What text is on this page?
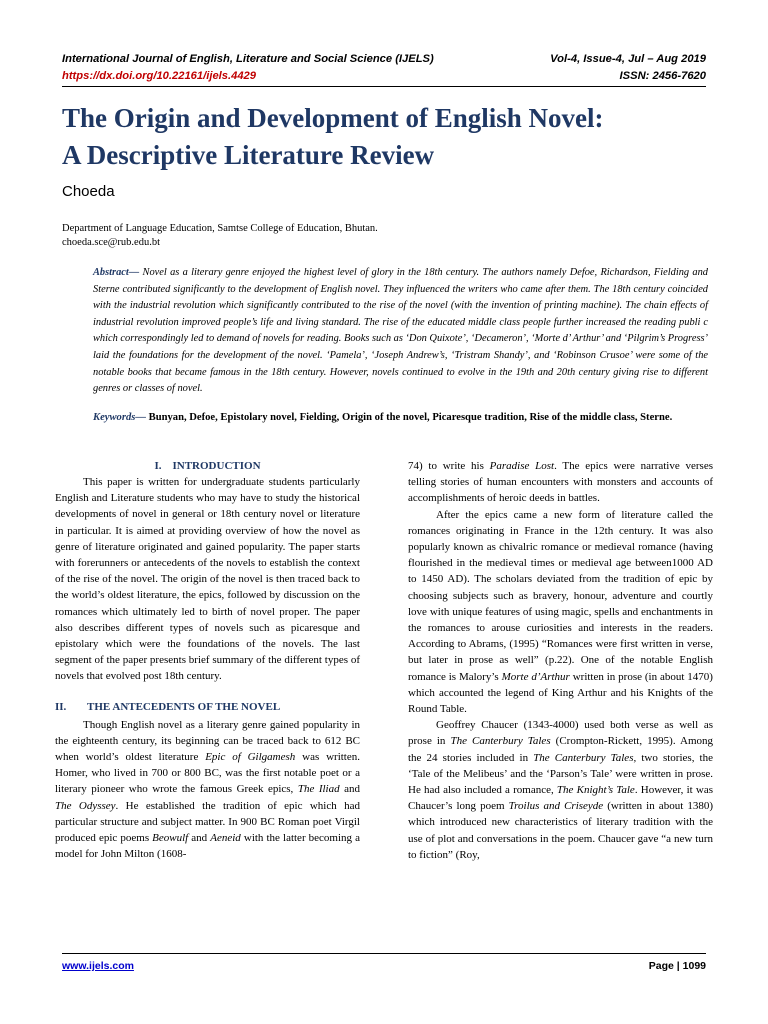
International Journal of English, Literature and Social Science (IJELS)	Vol-4, Issue-4, Jul – Aug 2019
https://dx.doi.org/10.22161/ijels.4429	ISSN: 2456-7620
The Origin and Development of English Novel:
A Descriptive Literature Review
Choeda
Department of Language Education, Samtse College of Education, Bhutan.
choeda.sce@rub.edu.bt
Abstract— Novel as a literary genre enjoyed the highest level of glory in the 18th century. The authors namely Defoe, Richardson, Fielding and Sterne contributed significantly to the development of English novel. They influenced the writers who came after them. The 18th century coincided with the industrial revolution which significantly contributed to the rise of the novel (with the invention of printing machine). The chain effects of industrial revolution improved people’s life and living standard. The rise of the educated middle class people further increased the reading publi c which correspondingly led to demand of novels for reading. Books such as ‘Don Quixote’, ‘Decameron’, ‘Morte d’ Arthur’ and ‘Pilgrim’s Progress’ laid the foundations for the development of the novel. ‘Pamela’, ‘Joseph Andrew’s, ‘Tristram Shandy’, and ‘Robinson Crusoe’ were some of the notable books that became famous in the 18th century. However, novels continued to evolve in the 19th and 20th century giving rise to different genres or classes of novel.
Keywords— Bunyan, Defoe, Epistolary novel, Fielding, Origin of the novel, Picaresque tradition, Rise of the middle class, Sterne.
I. INTRODUCTION

This paper is written for undergraduate students particularly English and Literature students who may have to study the historical developments of novel in general or 18th century novel or literature in particular. It is aimed at providing overview of how the novel as genre of literature originated and gained popularity. The paper starts with forerunners or antecedents of the novels to establish the context of the rise of the novel. The origin of the novel is then traced back to the world’s oldest literature, the epics, followed by discussion on the romances which ultimately led to birth of novel proper. The paper also describes different types of novels such as picaresque and epistolary which were the foundations of the novels. The last segment of the paper presents brief summary of the different types of novels that evolved post 18th century.

II. THE ANTECEDENTS OF THE NOVEL

Though English novel as a literary genre gained popularity in the eighteenth century, its beginning can be traced back to 612 BC when world’s oldest literature Epic of Gilgamesh was written. Homer, who lived in 700 or 800 BC, was the first notable poet or a literary pioneer who wrote the famous Greek epics, The Iliad and The Odyssey. He established the tradition of epic which had particular structure and subject matter. In 900 BC Roman poet Virgil produced epic poems Beowulf and Aeneid with the latter becoming a model for John Milton (1608-

74) to write his Paradise Lost. The epics were narrative verses telling stories of human encounters with monsters and accounts of accomplishments of heroic deeds in battles.

After the epics came a new form of literature called the romances originating in France in the 12th century. It was also popularly known as chivalric romance or medieval romance (having flourished in the medieval times or medieval age between1000 AD to 1450 AD). The scholars deviated from the tradition of epic by choosing subjects such as bravery, honour, adventure and courtly love with unique features of using magic, spells and enchantments in the romances to arouse curiosities and interests in the readers. According to Abrams, (1995) “Romances were first written in verse, but later in prose as well” (p.22). One of the notable English romance is Malory’s Morte d’Arthur written in prose (in about 1470) which accounted the legend of King Arthur and his Knights of the Round Table.

Geoffrey Chaucer (1343-4000) used both verse as well as prose in The Canterbury Tales (Crompton-Rickett, 1995). Among the 24 stories included in The Canterbury Tales, two stories, the ‘Tale of the Melibeus’ and the ‘Parson’s Tale’ were written in prose. He had also included a romance, The Knight’s Tale. However, it was Chaucer’s long poem Troilus and Criseyde (written in about 1380) which introduced new characteristics of literary tradition with the use of plot and conversations in the poem. Chaucer gave “a new turn to fiction” (Roy,

www.ijels.com	Page | 1099
